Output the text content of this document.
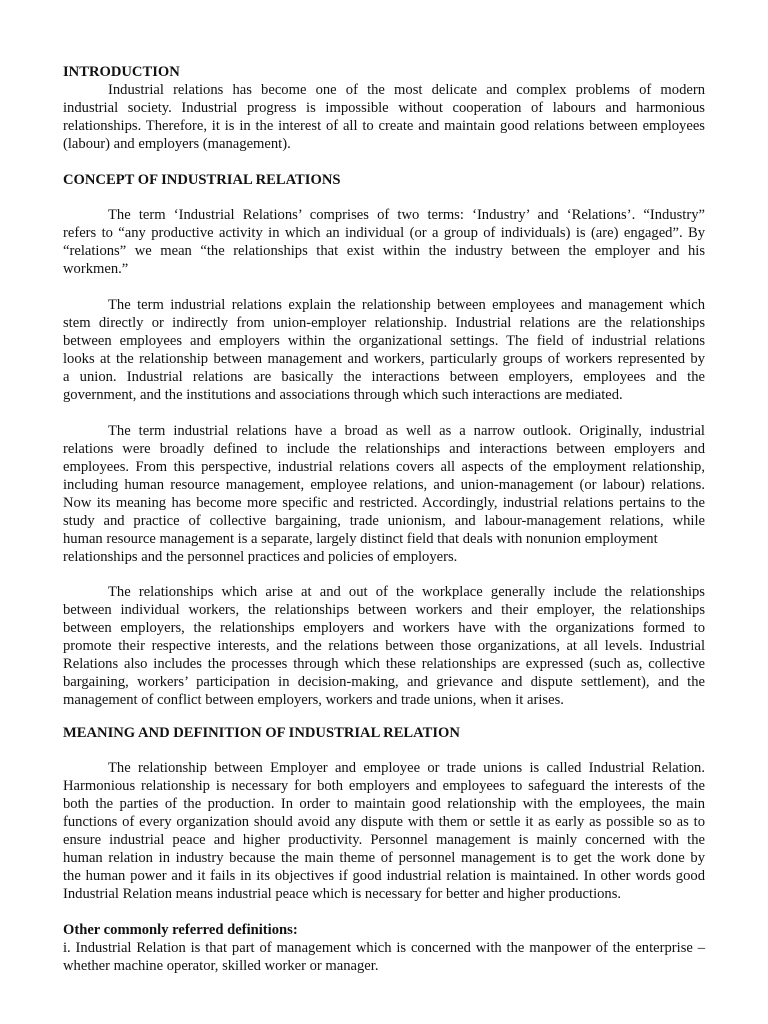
INTRODUCTION
Industrial relations has become one of the most delicate and complex problems of modern
industrial society. Industrial progress is impossible without cooperation of labours and harmonious
relationships. Therefore, it is in the interest of all to create and maintain good relations between employees
(labour) and employers (management).
CONCEPT OF INDUSTRIAL RELATIONS
The term ‘Industrial Relations’ comprises of two terms: ‘Industry’ and ‘Relations’. “Industry”
refers to “any productive activity in which an individual (or a group of individuals) is (are) engaged”. By
“relations” we mean “the relationships that exist within the industry between the employer and his
workmen.”
The term industrial relations explain the relationship between employees and management which
stem directly or indirectly from union-employer relationship. Industrial relations are the relationships
between employees and employers within the organizational settings. The field of industrial relations
looks at the relationship between management and workers, particularly groups of workers represented by
a union. Industrial relations are basically the interactions between employers, employees and the
government, and the institutions and associations through which such interactions are mediated.
The term industrial relations have a broad as well as a narrow outlook. Originally, industrial
relations were broadly defined to include the relationships and interactions between employers and
employees. From this perspective, industrial relations covers all aspects of the employment relationship,
including human resource management, employee relations, and union-management (or labour) relations.
Now its meaning has become more specific and restricted. Accordingly, industrial relations pertains to the
study and practice of collective bargaining, trade unionism, and labour-management relations, while
human resource management is a separate, largely distinct field that deals with nonunion employment
relationships and the personnel practices and policies of employers.
The relationships which arise at and out of the workplace generally include the relationships
between individual workers, the relationships between workers and their employer, the relationships
between employers, the relationships employers and workers have with the organizations formed to
promote their respective interests, and the relations between those organizations, at all levels. Industrial
Relations also includes the processes through which these relationships are expressed (such as, collective
bargaining, workers’ participation in decision-making, and grievance and dispute settlement), and the
management of conflict between employers, workers and trade unions, when it arises.
MEANING AND DEFINITION OF INDUSTRIAL RELATION
The relationship between Employer and employee or trade unions is called Industrial Relation.
Harmonious relationship is necessary for both employers and employees to safeguard the interests of the
both the parties of the production. In order to maintain good relationship with the employees, the main
functions of every organization should avoid any dispute with them or settle it as early as possible so as to
ensure industrial peace and higher productivity. Personnel management is mainly concerned with the
human relation in industry because the main theme of personnel management is to get the work done by
the human power and it fails in its objectives if good industrial relation is maintained. In other words good
Industrial Relation means industrial peace which is necessary for better and higher productions.
Other commonly referred definitions:
i. Industrial Relation is that part of management which is concerned with the manpower of the enterprise –
whether machine operator, skilled worker or manager.
